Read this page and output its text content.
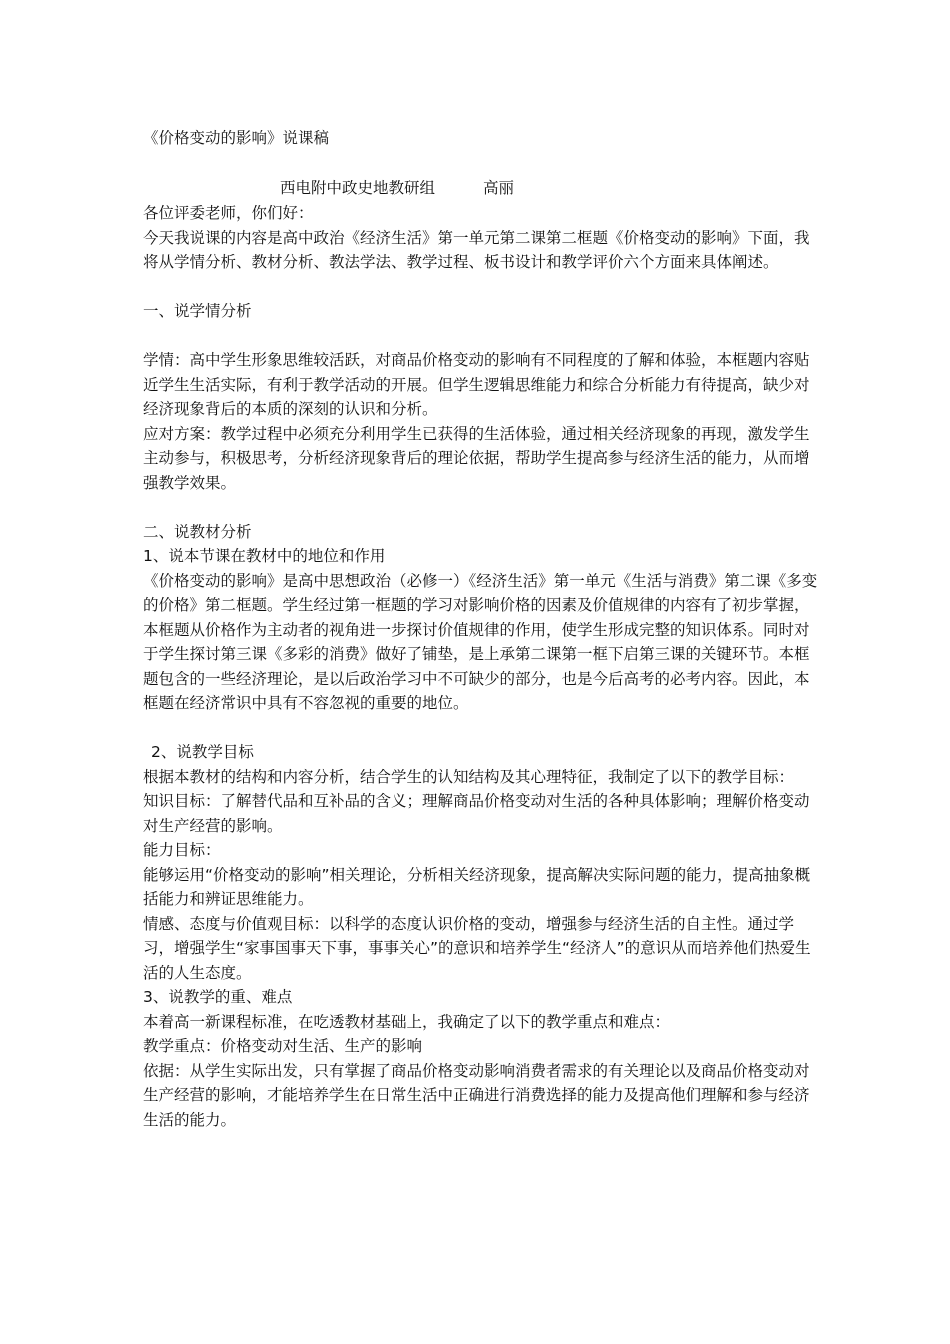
《价格变动的影响》说课稿
西电附中政史地教研组	高丽

各位评委老师，你们好：

今天我说课的内容是高中政治《经济生活》第一单元第二课第二框题《价格变动的影响》下面，我将从学情分析、教材分析、教法学法、教学过程、板书设计和教学评价六个方面来具体阐述。

一、说学情分析

学情：高中学生形象思维较活跃，对商品价格变动的影响有不同程度的了解和体验，本框题内容贴近学生生活实际，有利于教学活动的开展。但学生逻辑思维能力和综合分析能力有待提高，缺少对经济现象背后的本质的深刻的认识和分析。

应对方案：教学过程中必须充分利用学生已获得的生活体验，通过相关经济现象的再现，激发学生主动参与，积极思考，分析经济现象背后的理论依据，帮助学生提高参与经济生活的能力，从而增强教学效果。

二、说教材分析

1、说本节课在教材中的地位和作用

《价格变动的影响》是高中思想政治（必修一）《经济生活》第一单元《生活与消费》第二课《多变的价格》第二框题。学生经过第一框题的学习对影响价格的因素及价值规律的内容有了初步掌握，本框题从价格作为主动者的视角进一步探讨价值规律的作用，使学生形成完整的知识体系。同时对于学生探讨第三课《多彩的消费》做好了铺垫，是上承第二课第一框下启第三课的关键环节。本框题包含的一些经济理论，是以后政治学习中不可缺少的部分，也是今后高考的必考内容。因此，本框题在经济常识中具有不容忽视的重要的地位。

2、说教学目标

根据本教材的结构和内容分析，结合学生的认知结构及其心理特征，我制定了以下的教学目标：

知识目标：了解替代品和互补品的含义；理解商品价格变动对生活的各种具体影响；理解价格变动对生产经营的影响。

能力目标：

能够运用“价格变动的影响”相关理论，分析相关经济现象，提高解决实际问题的能力，提高抽象概括能力和辨证思维能力。

情感、态度与价值观目标：以科学的态度认识价格的变动，增强参与经济生活的自主性。通过学习，增强学生“家事国事天下事，事事关心”的意识和培养学生“经济人”的意识从而培养他们热爱生活的人生态度。

3、说教学的重、难点

本着高一新课程标准，在吃透教材基础上，我确定了以下的教学重点和难点：

教学重点：价格变动对生活、生产的影响

依据：从学生实际出发，只有掌握了商品价格变动影响消费者需求的有关理论以及商品价格变动对生产经营的影响，才能培养学生在日常生活中正确进行消费选择的能力及提高他们理解和参与经济生活的能力。
